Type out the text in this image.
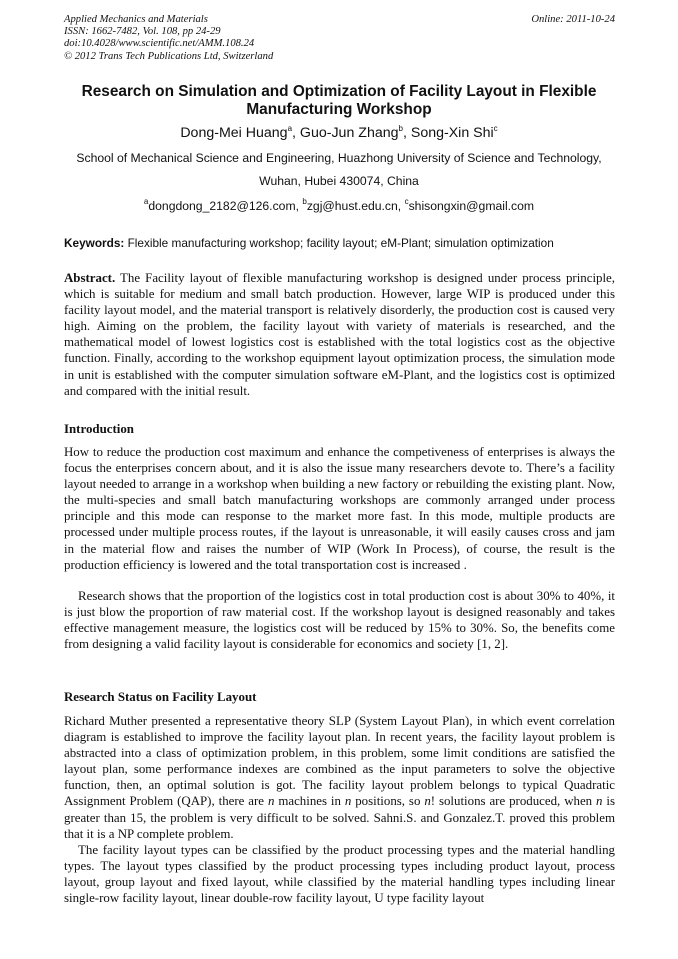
Applied Mechanics and Materials
ISSN: 1662-7482, Vol. 108, pp 24-29
doi:10.4028/www.scientific.net/AMM.108.24
© 2012 Trans Tech Publications Ltd, Switzerland
Online: 2011-10-24
Research on Simulation and Optimization of Facility Layout in Flexible
Manufacturing Workshop
Dong-Mei Huang$^a$, Guo-Jun Zhang$^b$, Song-Xin Shi$^c$
School of Mechanical Science and Engineering, Huazhong University of Science and Technology,
Wuhan, Hubei 430074, China
$^a$dongdong_2182@126.com, $^b$zgj@hust.edu.cn, $^c$shisongxin@gmail.com
Keywords: Flexible manufacturing workshop; facility layout; eM-Plant; simulation optimization
Abstract. The Facility layout of flexible manufacturing workshop is designed under process principle, which is suitable for medium and small batch production. However, large WIP is produced under this facility layout model, and the material transport is relatively disorderly, the production cost is caused very high. Aiming on the problem, the facility layout with variety of materials is researched, and the mathematical model of lowest logistics cost is established with the total logistics cost as the objective function. Finally, according to the workshop equipment layout optimization process, the simulation mode in unit is established with the computer simulation software eM-Plant, and the logistics cost is optimized and compared with the initial result.
Introduction
How to reduce the production cost maximum and enhance the competiveness of enterprises is always the focus the enterprises concern about, and it is also the issue many researchers devote to. There’s a facility layout needed to arrange in a workshop when building a new factory or rebuilding the existing plant. Now, the multi-species and small batch manufacturing workshops are commonly arranged under process principle and this mode can response to the market more fast. In this mode, multiple products are processed under multiple process routes, if the layout is unreasonable, it will easily causes cross and jam in the material flow and raises the number of WIP (Work In Process), of course, the result is the production efficiency is lowered and the total transportation cost is increased .
Research shows that the proportion of the logistics cost in total production cost is about 30% to 40%, it is just blow the proportion of raw material cost. If the workshop layout is designed reasonably and takes effective management measure, the logistics cost will be reduced by 15% to 30%. So, the benefits come from designing a valid facility layout is considerable for economics and society [1, 2].
Research Status on Facility Layout
Richard Muther presented a representative theory SLP (System Layout Plan), in which event correlation diagram is established to improve the facility layout plan. In recent years, the facility layout problem is abstracted into a class of optimization problem, in this problem, some limit conditions are satisfied the layout plan, some performance indexes are combined as the input parameters to solve the objective function, then, an optimal solution is got. The facility layout problem belongs to typical Quadratic Assignment Problem (QAP), there are n machines in n positions, so n! solutions are produced, when n is greater than 15, the problem is very difficult to be solved. Sahni.S. and Gonzalez.T. proved this problem that it is a NP complete problem.
The facility layout types can be classified by the product processing types and the material handling types. The layout types classified by the product processing types including product layout, process layout, group layout and fixed layout, while classified by the material handling types including linear single-row facility layout, linear double-row facility layout, U type facility layout
